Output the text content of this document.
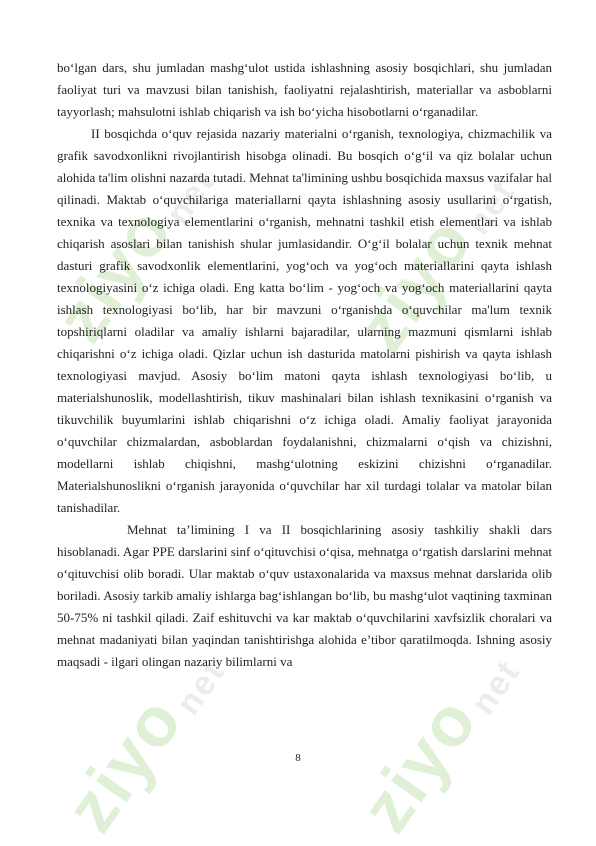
ziyonet
ziyonet
ziyonet ziyonet

bo‘lgan dars, shu jumladan mashg‘ulot ustida ishlashning asosiy bosqichlari, shu jumladan faoliyat turi va mavzusi bilan tanishish, faoliyatni rejalashtirish, materiallar va asboblarni tayyorlash; mahsulotni ishlab chiqarish va ish bo‘yicha hisobotlarni o‘rganadilar.

II bosqichda o‘quv rejasida nazariy materialni o‘rganish, texnologiya, chizmachilik va grafik savodxonlikni rivojlantirish hisobga olinadi. Bu bosqich o‘g‘il va qiz bolalar uchun alohida ta'lim olishni nazarda tutadi. Mehnat ta'limining ushbu bosqichida maxsus vazifalar hal qilinadi. Maktab o‘quvchilariga materiallarni qayta ishlashning asosiy usullarini o‘rgatish, texnika va texnologiya elementlarini o‘rganish, mehnatni tashkil etish elementlari va ishlab chiqarish asoslari bilan tanishish shular jumlasidandir. O‘g‘il bolalar uchun texnik mehnat dasturi grafik savodxonlik elementlarini, yog‘och va yog‘och materiallarini qayta ishlash texnologiyasini o‘z ichiga oladi. Eng katta bo‘lim - yog‘och va yog‘och materiallarini qayta ishlash texnologiyasi bo‘lib, har bir mavzuni o‘rganishda o‘quvchilar ma'lum texnik topshiriqlarni oladilar va amaliy ishlarni bajaradilar, ularning mazmuni qismlarni ishlab chiqarishni o‘z ichiga oladi. Qizlar uchun ish dasturida matolarni pishirish va qayta ishlash texnologiyasi mavjud. Asosiy bo‘lim matoni qayta ishlash texnologiyasi bo‘lib, u materialshunoslik, modellashtirish, tikuv mashinalari bilan ishlash texnikasini o‘rganish va tikuvchilik buyumlarini ishlab chiqarishni o‘z ichiga oladi. Amaliy faoliyat jarayonida o‘quvchilar chizmalardan, asboblardan foydalanishni, chizmalarni o‘qish va chizishni, modellarni ishlab chiqishni, mashg‘ulotning eskizini chizishni o‘rganadilar. Materialshunoslikni o‘rganish jarayonida o‘quvchilar har xil turdagi tolalar va matolar bilan tanishadilar.

Mehnat ta’limining I va II bosqichlarining asosiy tashkiliy shakli dars hisoblanadi. Agar PPE darslarini sinf o‘qituvchisi o‘qisa, mehnatga o‘rgatish darslarini mehnat o‘qituvchisi olib boradi. Ular maktab o‘quv ustaxonalarida va maxsus mehnat darslarida olib boriladi. Asosiy tarkib amaliy ishlarga bag‘ishlangan bo‘lib, bu mashg‘ulot vaqtining taxminan 50-75% ni tashkil qiladi. Zaif eshituvchi va kar maktab o‘quvchilarini xavfsizlik choralari va mehnat madaniyati bilan yaqindan tanishtirishga alohida e’tibor qaratilmoqda. Ishning asosiy maqsadi - ilgari olingan nazariy bilimlarni va

8
